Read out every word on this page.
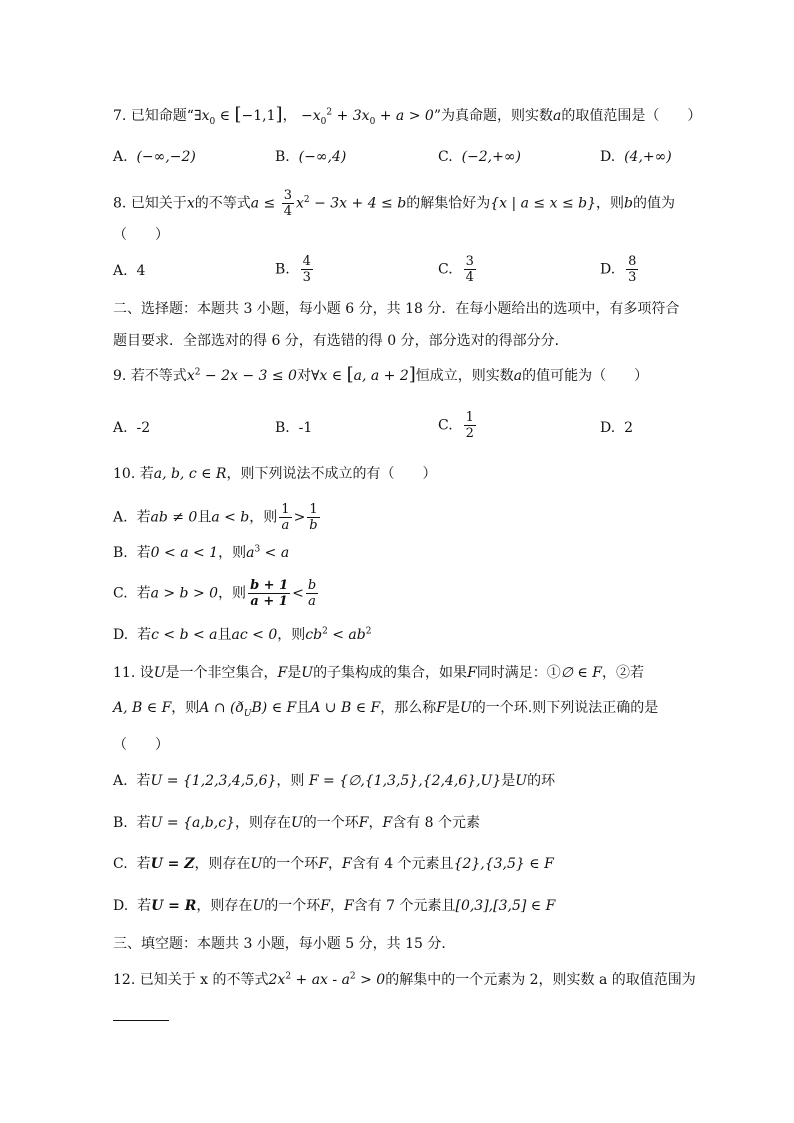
7. 已知命题“$\exists x_0$ ∈ [−1,1]， $-x_0^2 + 3x_0 + a > 0$”为真命题，则实数a的取值范围是（　　）
A. (−∞,−2)	B. (−∞,4)	C. (−2,+∞)	D. (4,+∞)
8. 已知关于x的不等式$a \le \frac{3}{4} x^2 - 3x + 4 \le b$的解集恰好为{x | a ≤ x ≤ b}，则b的值为
（　　）
A. 4	B. $\frac{4}{3}$	C. $\frac{3}{4}$	D. $\frac{8}{3}$
二、选择题：本题共 3 小题，每小题 6 分，共 18 分．在每小题给出的选项中，有多项符合
题目要求．全部选对的得 6 分，有选错的得 0 分，部分选对的得部分分．
9. 若不等式$x^2 - 2x - 3 \le 0$对∀x ∈ [a, a + 2]恒成立，则实数a的值可能为（　　）
A. -2	B. -1	C. $\frac{1}{2}$	D. 2
10. 若a, b, c ∈ R，则下列说法不成立的有（　　）
A. 若ab ≠ 0且a < b，则 $\frac{1}{a} > \frac{1}{b}$
B. 若0 < a < 1，则$a^3 < a$
C. 若a > b > 0，则 $\frac{b + 1}{a + 1} < \frac{b}{a}$
D. 若c < b < a且ac < 0，则$cb^2 < ab^2$
11. 设U是一个非空集合，F是U的子集构成的集合，如果F同时满足：①∅ ∈ F，②若
A, B ∈ F，则A ∩ $(ð_UB)$ ∈ F且A ∪ B ∈ F，那么称F是U的一个环.则下列说法正确的是
（　　）
A. 若U = {1,2,3,4,5,6}，则 F = {∅,{1,3,5},{2,4,6},U}是U的环
B. 若U = {a,b,c}，则存在U的一个环F，F含有 8 个元素
C. 若U = Z，则存在U的一个环F，F含有 4 个元素且{2},{3,5} ∈ F
D. 若U = R，则存在U的一个环F，F含有 7 个元素且[0,3],[3,5] ∈ F
三、填空题：本题共 3 小题，每小题 5 分，共 15 分．
12. 已知关于 x 的不等式$2x^2$ + ax - $a^2 > 0$的解集中的一个元素为 2，则实数 a 的取值范围为
